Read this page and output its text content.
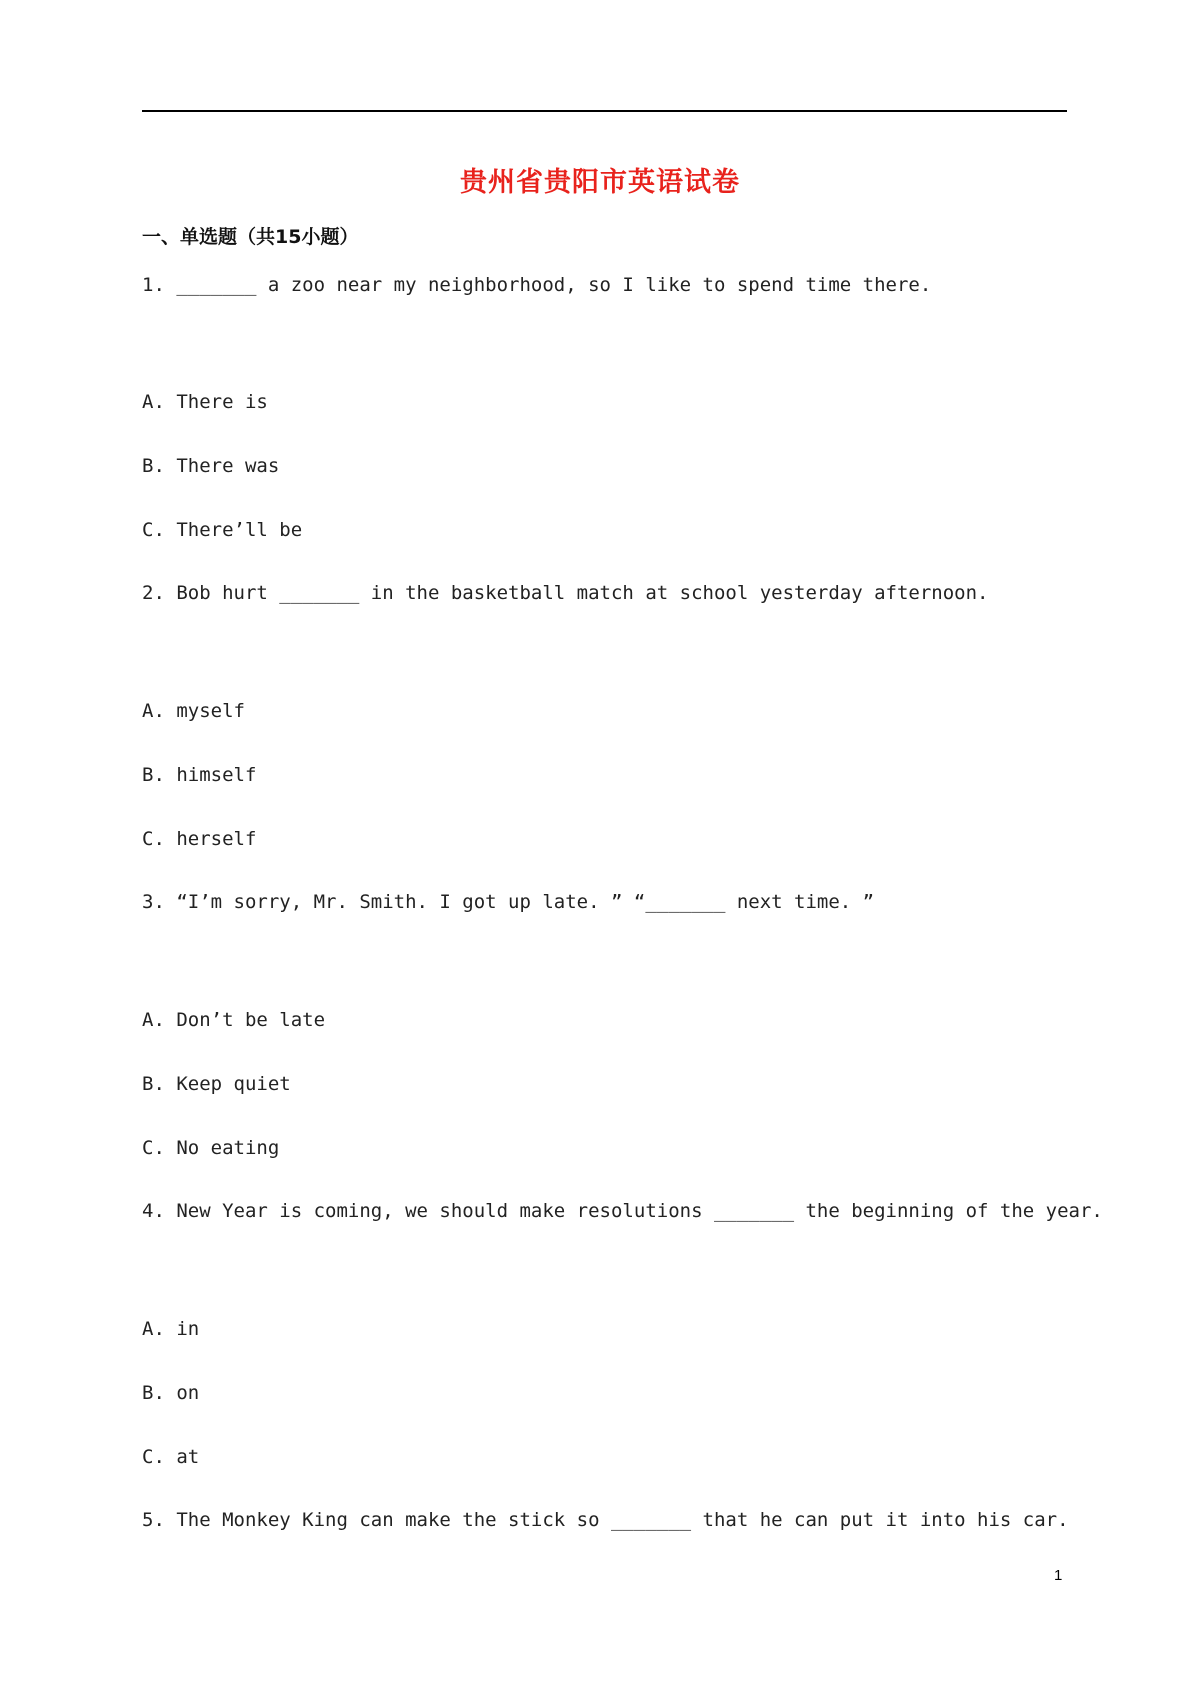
贵州省贵阳市英语试卷
一、单选题（共15小题）
1. _______ a zoo near my neighborhood, so I like to spend time there.
A. There is
B. There was
C. There’ll be
2. Bob hurt _______ in the basketball match at school yesterday afternoon.
A. myself
B. himself
C. herself
3. “I’m sorry, Mr. Smith. I got up late. ” “_______ next time. ”
A. Don’t be late
B. Keep quiet
C. No eating
4. New Year is coming, we should make resolutions _______ the beginning of the year.
A. in
B. on
C. at
5. The Monkey King can make the stick so _______ that he can put it into his car.
1
